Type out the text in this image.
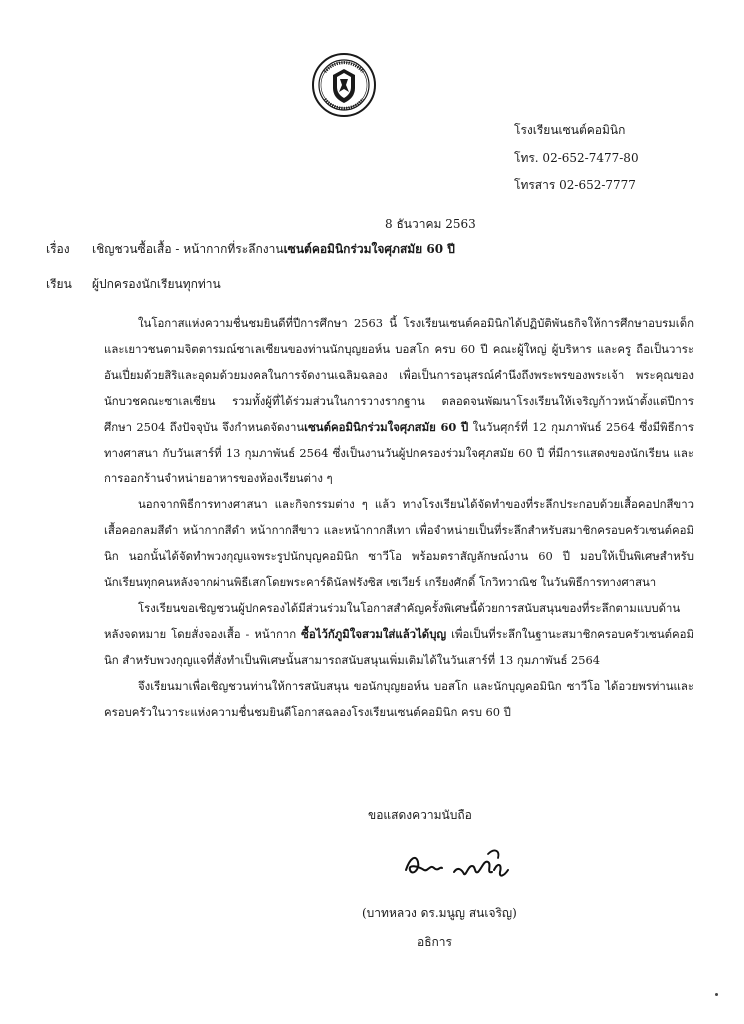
โรงเรียนเซนต์คอมินิก
โทร. 02-652-7477-80
โทรสาร 02-652-7777
8 ธันวาคม 2563
เรื่อง เชิญชวนซื้อเสื้อ - หน้ากากที่ระลึกงานเซนต์คอมินิกร่วมใจศุภสมัย 60 ปี
เรียน ผู้ปกครองนักเรียนทุกท่าน

ในโอกาสแห่งความชื่นชมยินดีที่ปีการศึกษา 2563 นี้ โรงเรียนเซนต์คอมินิกได้ปฏิบัติพันธกิจให้การศึกษาอบรมเด็กและเยาวชนตามจิตตารมณ์ซาเลเซียนของท่านนักบุญยอห์น บอสโก ครบ 60 ปี คณะผู้ใหญ่ ผู้บริหาร และครู ถือเป็นวาระอันเปี่ยมด้วยสิริและอุดมด้วยมงคลในการจัดงานเฉลิมฉลอง เพื่อเป็นการอนุสรณ์คำนึงถึงพระพรของพระเจ้า พระคุณของนักบวชคณะซาเลเซียน รวมทั้งผู้ที่ได้ร่วมส่วนในการวางรากฐาน ตลอดจนพัฒนาโรงเรียนให้เจริญก้าวหน้าตั้งแต่ปีการศึกษา 2504 ถึงปัจจุบัน จึงกำหนดจัดงานเซนต์คอมินิกร่วมใจศุภสมัย 60 ปี ในวันศุกร์ที่ 12 กุมภาพันธ์ 2564 ซึ่งมีพิธีการทางศาสนา กับวันเสาร์ที่ 13 กุมภาพันธ์ 2564 ซึ่งเป็นงานวันผู้ปกครองร่วมใจศุภสมัย 60 ปี ที่มีการแสดงของนักเรียน และการออกร้านจำหน่ายอาหารของห้องเรียนต่าง ๆ

นอกจากพิธีการทางศาสนา และกิจกรรมต่าง ๆ แล้ว ทางโรงเรียนได้จัดทำของที่ระลึกประกอบด้วยเสื้อคอปกสีขาว เสื้อคอกลมสีดำ หน้ากากสีดำ หน้ากากสีขาว และหน้ากากสีเทา เพื่อจำหน่ายเป็นที่ระลึกสำหรับสมาชิกครอบครัวเซนต์คอมินิก นอกนั้นได้จัดทำพวงกุญแจพระรูปนักบุญคอมินิก ซาวีโอ พร้อมตราสัญลักษณ์งาน 60 ปี มอบให้เป็นพิเศษสำหรับนักเรียนทุกคนหลังจากผ่านพิธีเสกโดยพระคาร์ดินัลฟรังซิส เซเวียร์ เกรียงศักดิ์ โกวิทวาณิช ในวันพิธีการทางศาสนา

โรงเรียนขอเชิญชวนผู้ปกครองได้มีส่วนร่วมในโอกาสสำคัญครั้งพิเศษนี้ด้วยการสนับสนุนของที่ระลึกตามแบบด้านหลังจดหมาย โดยสั่งจองเสื้อ - หน้ากาก ซื้อไว้กัภูมิใจสวมใส่แล้วได้บุญ เพื่อเป็นที่ระลึกในฐานะสมาชิกครอบครัวเซนต์คอมินิก สำหรับพวงกุญแจที่สั่งทำเป็นพิเศษนั้นสามารถสนับสนุนเพิ่มเติมได้ในวันเสาร์ที่ 13 กุมภาพันธ์ 2564

จึงเรียนมาเพื่อเชิญชวนท่านให้การสนับสนุน ขอนักบุญยอห์น บอสโก และนักบุญคอมินิก ซาวีโอ ได้อวยพรท่านและครอบครัวในวาระแห่งความชื่นชมยินดีโอกาสฉลองโรงเรียนเซนต์คอมินิก ครบ 60 ปี

ขอแสดงความนับถือ
(บาทหลวง ดร.มนูญ สนเจริญ)
อธิการ
